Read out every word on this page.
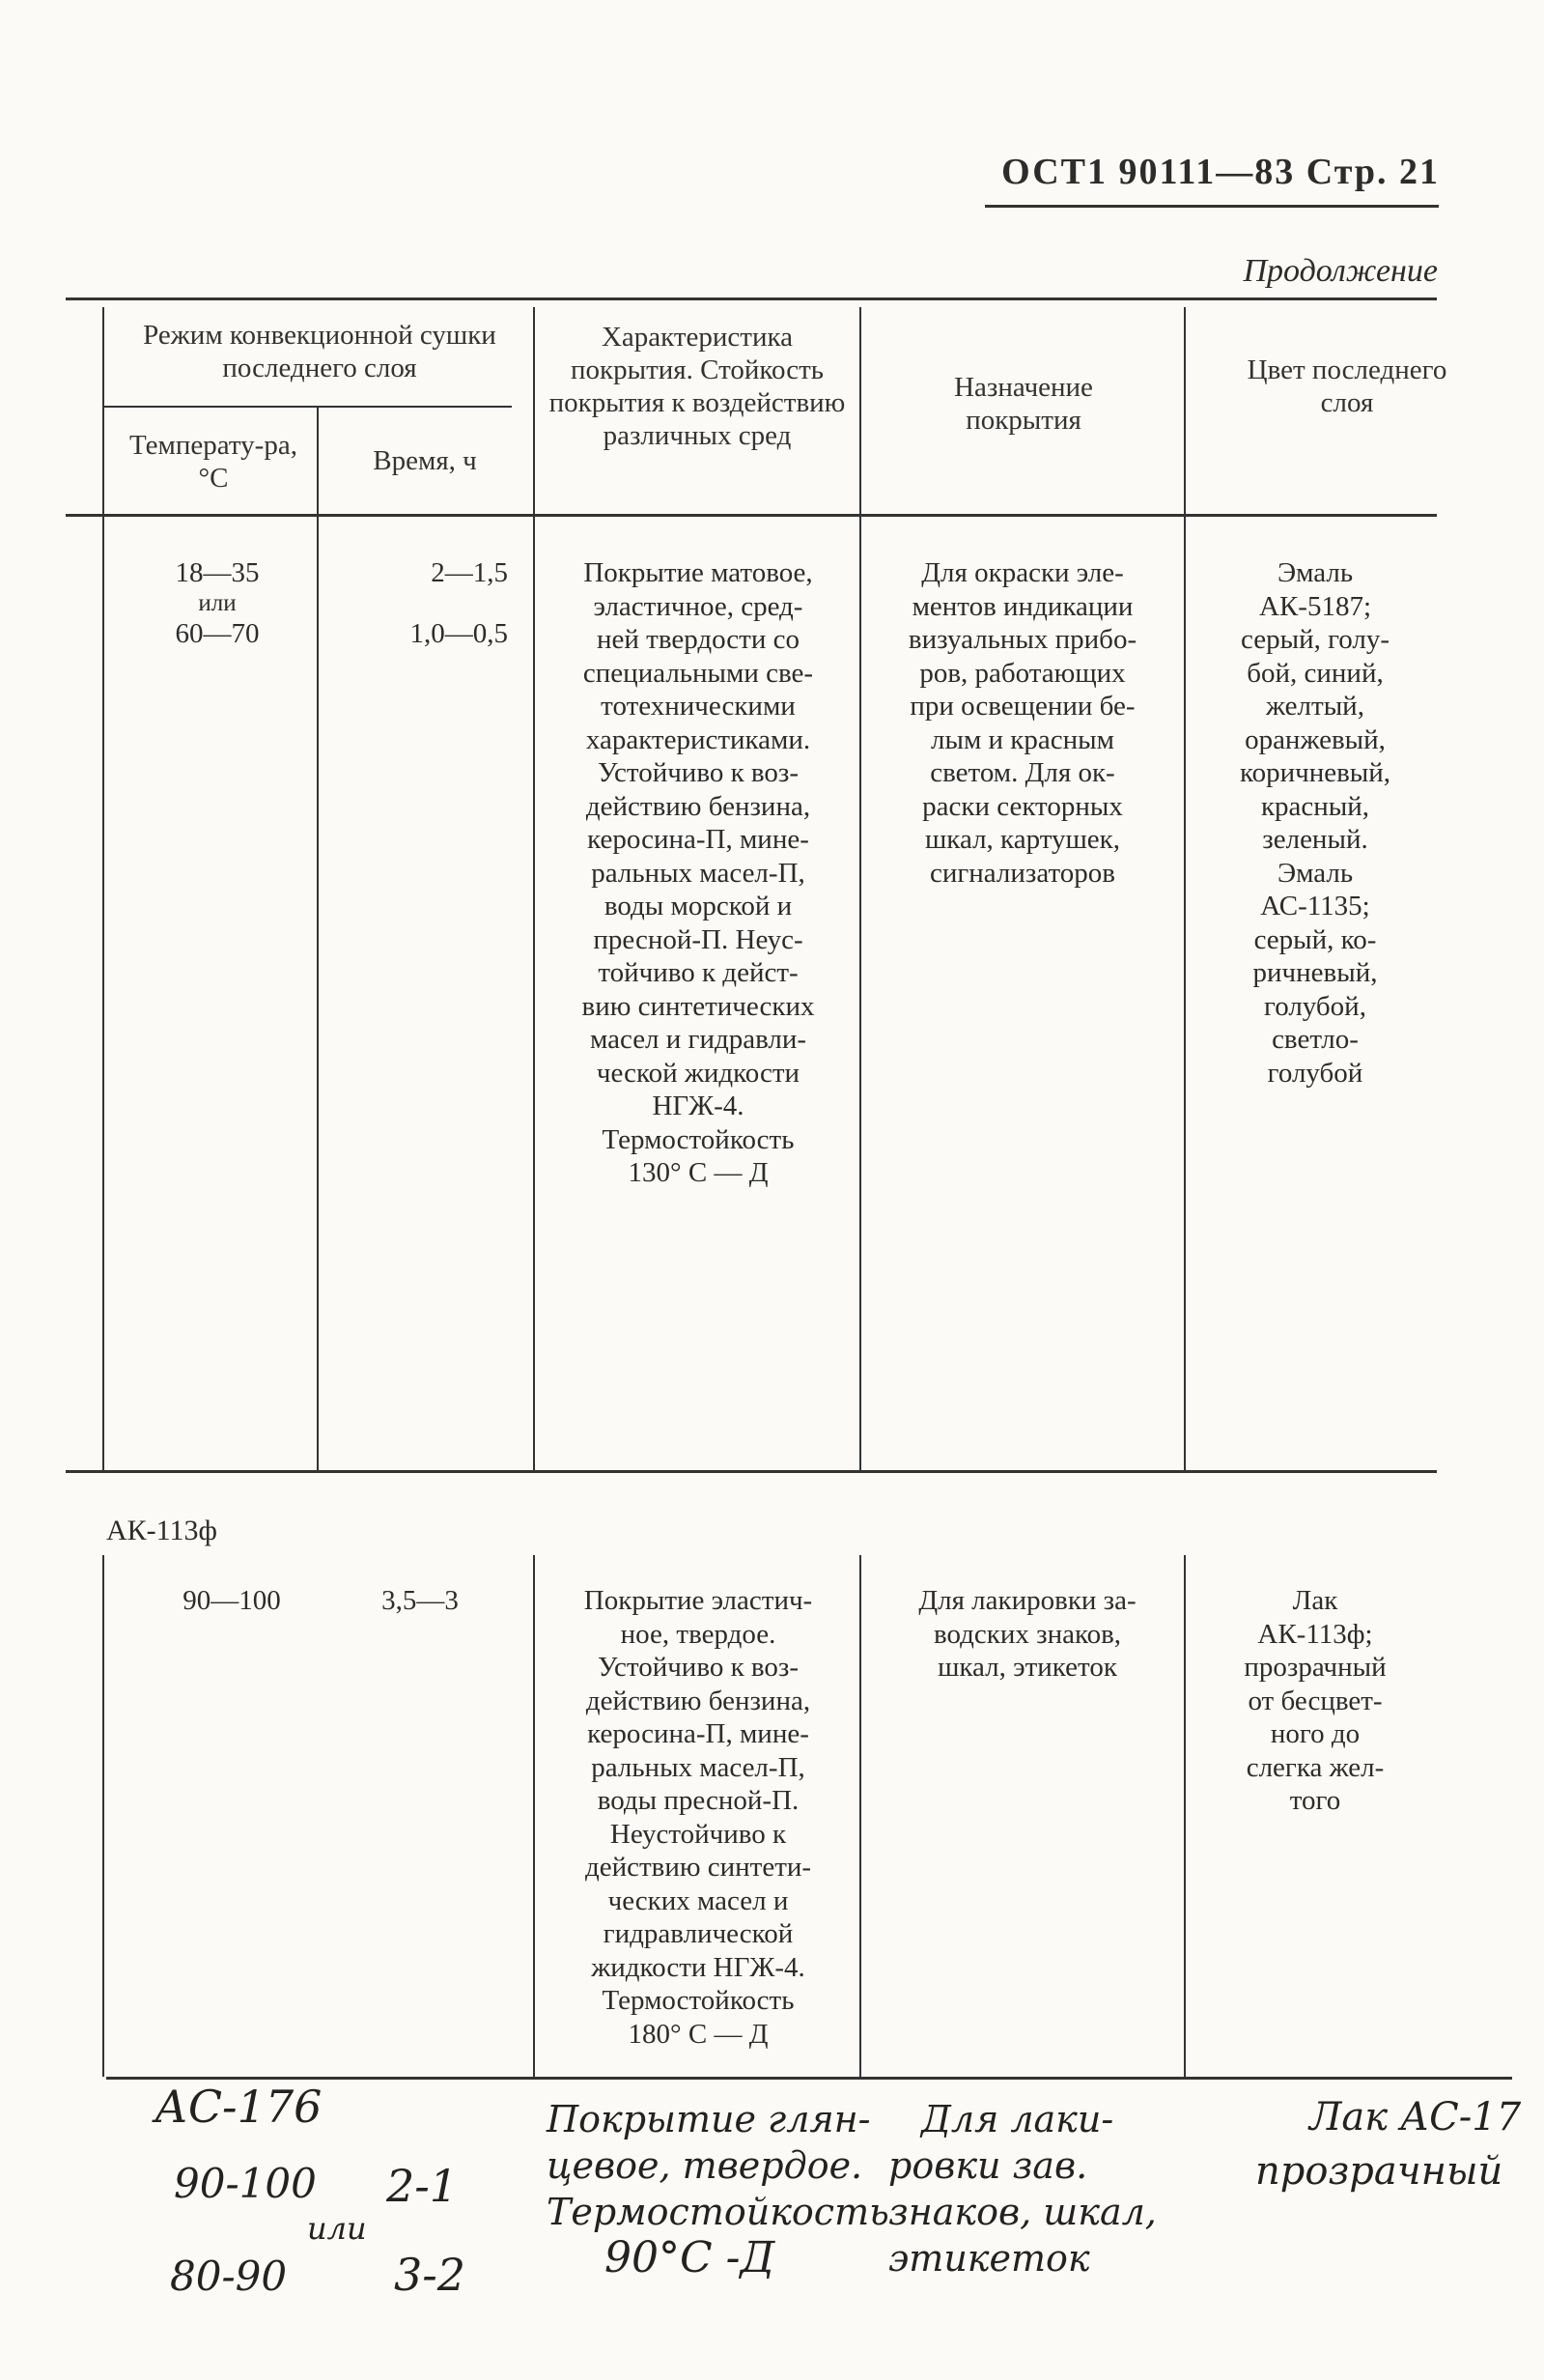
ОСТ1 90111—83 Стр. 21
Продолжение
Режим конвекционной сушки последнего слоя
Температу-ра, °С
Время, ч
Характеристика покрытия. Стойкость покрытия к воздействию различных сред
Назначение покрытия
Цвет последнего слоя
18—35
или
60—70
2—1,5
1,0—0,5
Покрытие матовое,
эластичное, сред-
ней твердости со
специальными све-
тотехническими
характеристиками.
Устойчиво к воз-
действию бензина,
керосина-П, мине-
ральных масел-П,
воды морской и
пресной-П. Неус-
тойчиво к дейст-
вию синтетических
масел и гидравли-
ческой жидкости
НГЖ-4.
Термостойкость
130° С — Д
Для окраски эле-
ментов индикации
визуальных прибо-
ров, работающих
при освещении бе-
лым и красным
светом. Для ок-
раски секторных
шкал, картушек,
сигнализаторов
Эмаль
АК-5187;
серый, голу-
бой, синий,
желтый,
оранжевый,
коричневый,
красный,
зеленый.
Эмаль
АС-1135;
серый, ко-
ричневый,
голубой,
светло-
голубой
АК-113ф
90—100	3,5—3	Покрытие эластич-
ное, твердое.
Устойчиво к воз-
действию бензина,
керосина-П, мине-
ральных масел-П,
воды пресной-П.
Неустойчиво к
действию синтети-
ческих масел и
гидравлической
жидкости НГЖ-4.
Термостойкость
180° С — Д
Для лакировки за-
водских знаков,
шкал, этикеток
Лак
АК-113ф;
прозрачный
от бесцвет-
ного до
слегка жел-
того
АС-176
90-100
или
80-90
2-1
3-2
Покрытие глян-
цевое, твердое.
Термостойкость
90°С -Д
Для лаки-
ровки зав.
знаков, шкал,
этикеток
Лак АС-17
прозрачный
